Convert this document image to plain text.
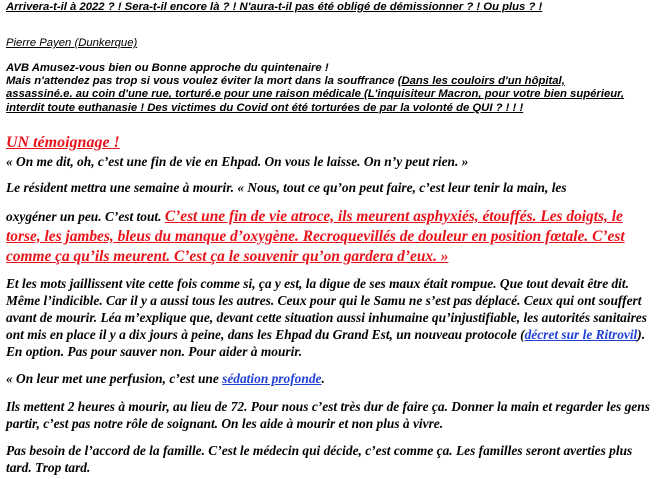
Arrivera-t-il à 2022 ? ! Sera-t-il encore là ? ! N'aura-t-il pas été obligé de démissionner ? ! Ou plus ? !
Pierre Payen (Dunkerque)
AVB Amusez-vous bien ou Bonne approche du quintenaire !
Mais n'attendez pas trop si vous voulez éviter la mort dans la souffrance (Dans les couloirs d'un hôpital,
assassiné.e. au coin d'une rue, torturé.e pour une raison médicale (L'inquisiteur Macron, pour votre bien supérieur,
interdit toute euthanasie ! Des victimes du Covid ont été torturées de par la volonté de QUI ? ! ! !
UN témoignage !
« On me dit, oh, c’est une fin de vie en Ehpad. On vous le laisse. On n’y peut rien. »
Le résident mettra une semaine à mourir. « Nous, tout ce qu’on peut faire, c’est leur tenir la main, les
oxygéner un peu. C’est tout. C’est une fin de vie atroce, ils meurent asphyxiés, étouffés. Les doigts, le torse, les jambes, bleus du manque d’oxygène. Recroquevillés de douleur en position fœtale. C’est comme ça qu’ils meurent. C’est ça le souvenir qu’on gardera d’eux. »
Et les mots jaillissent vite cette fois comme si, ça y est, la digue de ses maux était rompue. Que tout devait être dit. Même l’indicible. Car il y a aussi tous les autres. Ceux pour qui le Samu ne s’est pas déplacé. Ceux qui ont souffert avant de mourir. Léa m’explique que, devant cette situation aussi inhumaine qu’injustifiable, les autorités sanitaires ont mis en place il y a dix jours à peine, dans les Ehpad du Grand Est, un nouveau protocole (décret sur le Ritrovil). En option. Pas pour sauver non. Pour aider à mourir.
« On leur met une perfusion, c’est une sédation profonde.
Ils mettent 2 heures à mourir, au lieu de 72. Pour nous c’est très dur de faire ça. Donner la main et regarder les gens partir, c’est pas notre rôle de soignant. On les aide à mourir et non plus à vivre.
Pas besoin de l’accord de la famille. C’est le médecin qui décide, c’est comme ça. Les familles seront averties plus tard. Trop tard.
